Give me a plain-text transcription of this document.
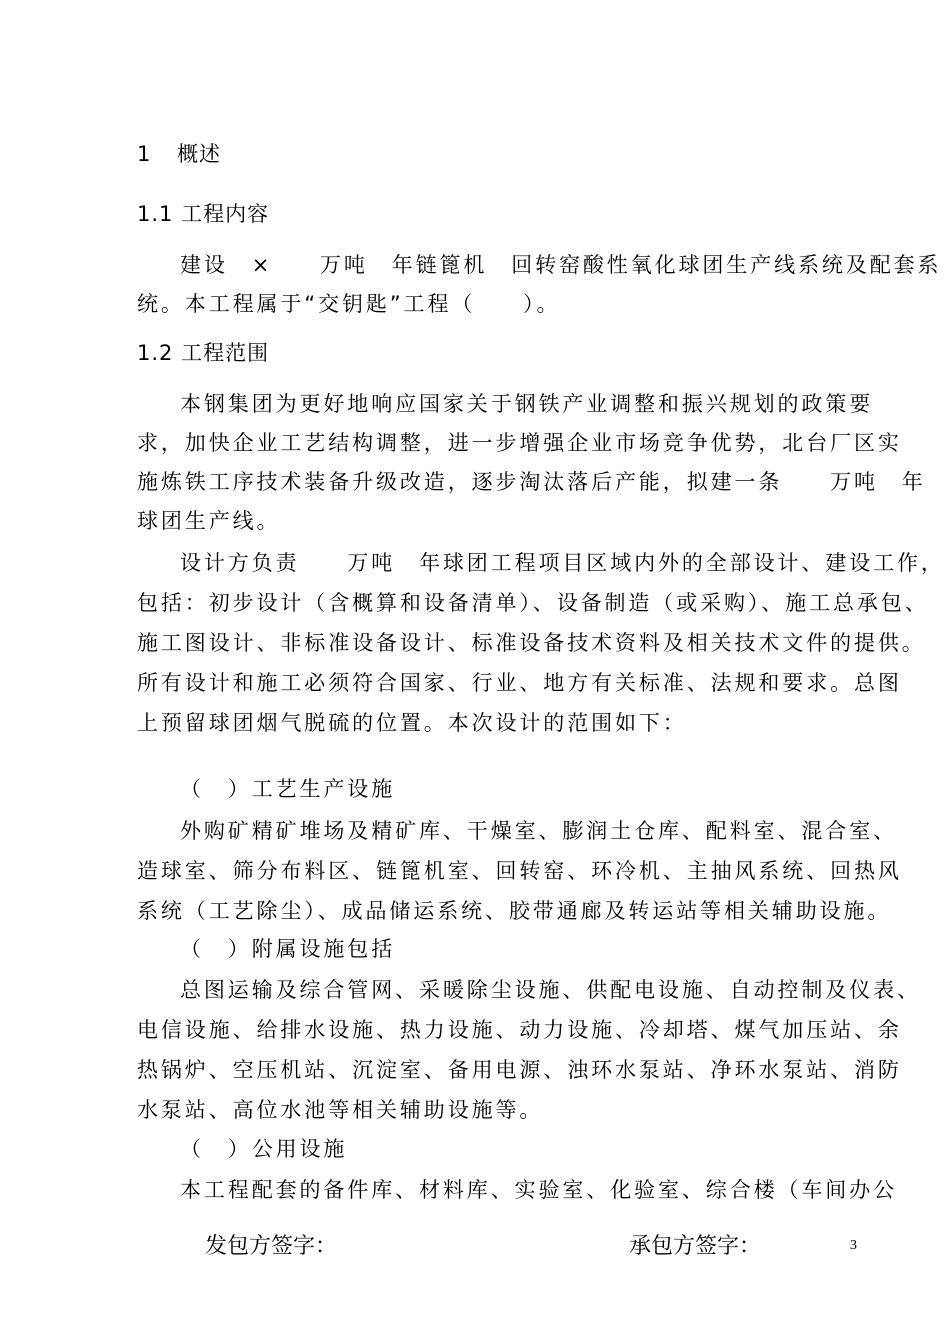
1 概述
1.1 工程内容
建设　×　　万吨　年链篦机　回转窑酸性氧化球团生产线系统及配套系
统。本工程属于“交钥匙”工程（　　）。
1.2 工程范围
本钢集团为更好地响应国家关于钢铁产业调整和振兴规划的政策要
求，加快企业工艺结构调整，进一步增强企业市场竞争优势，北台厂区实
施炼铁工序技术装备升级改造，逐步淘汰落后产能，拟建一条　　万吨　年
球团生产线。
设计方负责　　万吨　年球团工程项目区域内外的全部设计、建设工作，
包括：初步设计（含概算和设备清单）、设备制造（或采购）、施工总承包、
施工图设计、非标准设备设计、标准设备技术资料及相关技术文件的提供。
所有设计和施工必须符合国家、行业、地方有关标准、法规和要求。总图
上预留球团烟气脱硫的位置。本次设计的范围如下：
（　）工艺生产设施
外购矿精矿堆场及精矿库、干燥室、膨润土仓库、配料室、混合室、
造球室、筛分布料区、链篦机室、回转窑、环冷机、主抽风系统、回热风
系统（工艺除尘）、成品储运系统、胶带通廊及转运站等相关辅助设施。
（　）附属设施包括
总图运输及综合管网、采暖除尘设施、供配电设施、自动控制及仪表、
电信设施、给排水设施、热力设施、动力设施、冷却塔、煤气加压站、余
热锅炉、空压机站、沉淀室、备用电源、浊环水泵站、净环水泵站、消防
水泵站、高位水池等相关辅助设施等。
（　）公用设施
本工程配套的备件库、材料库、实验室、化验室、综合楼（车间办公
发包方签字：	承包方签字：	3
